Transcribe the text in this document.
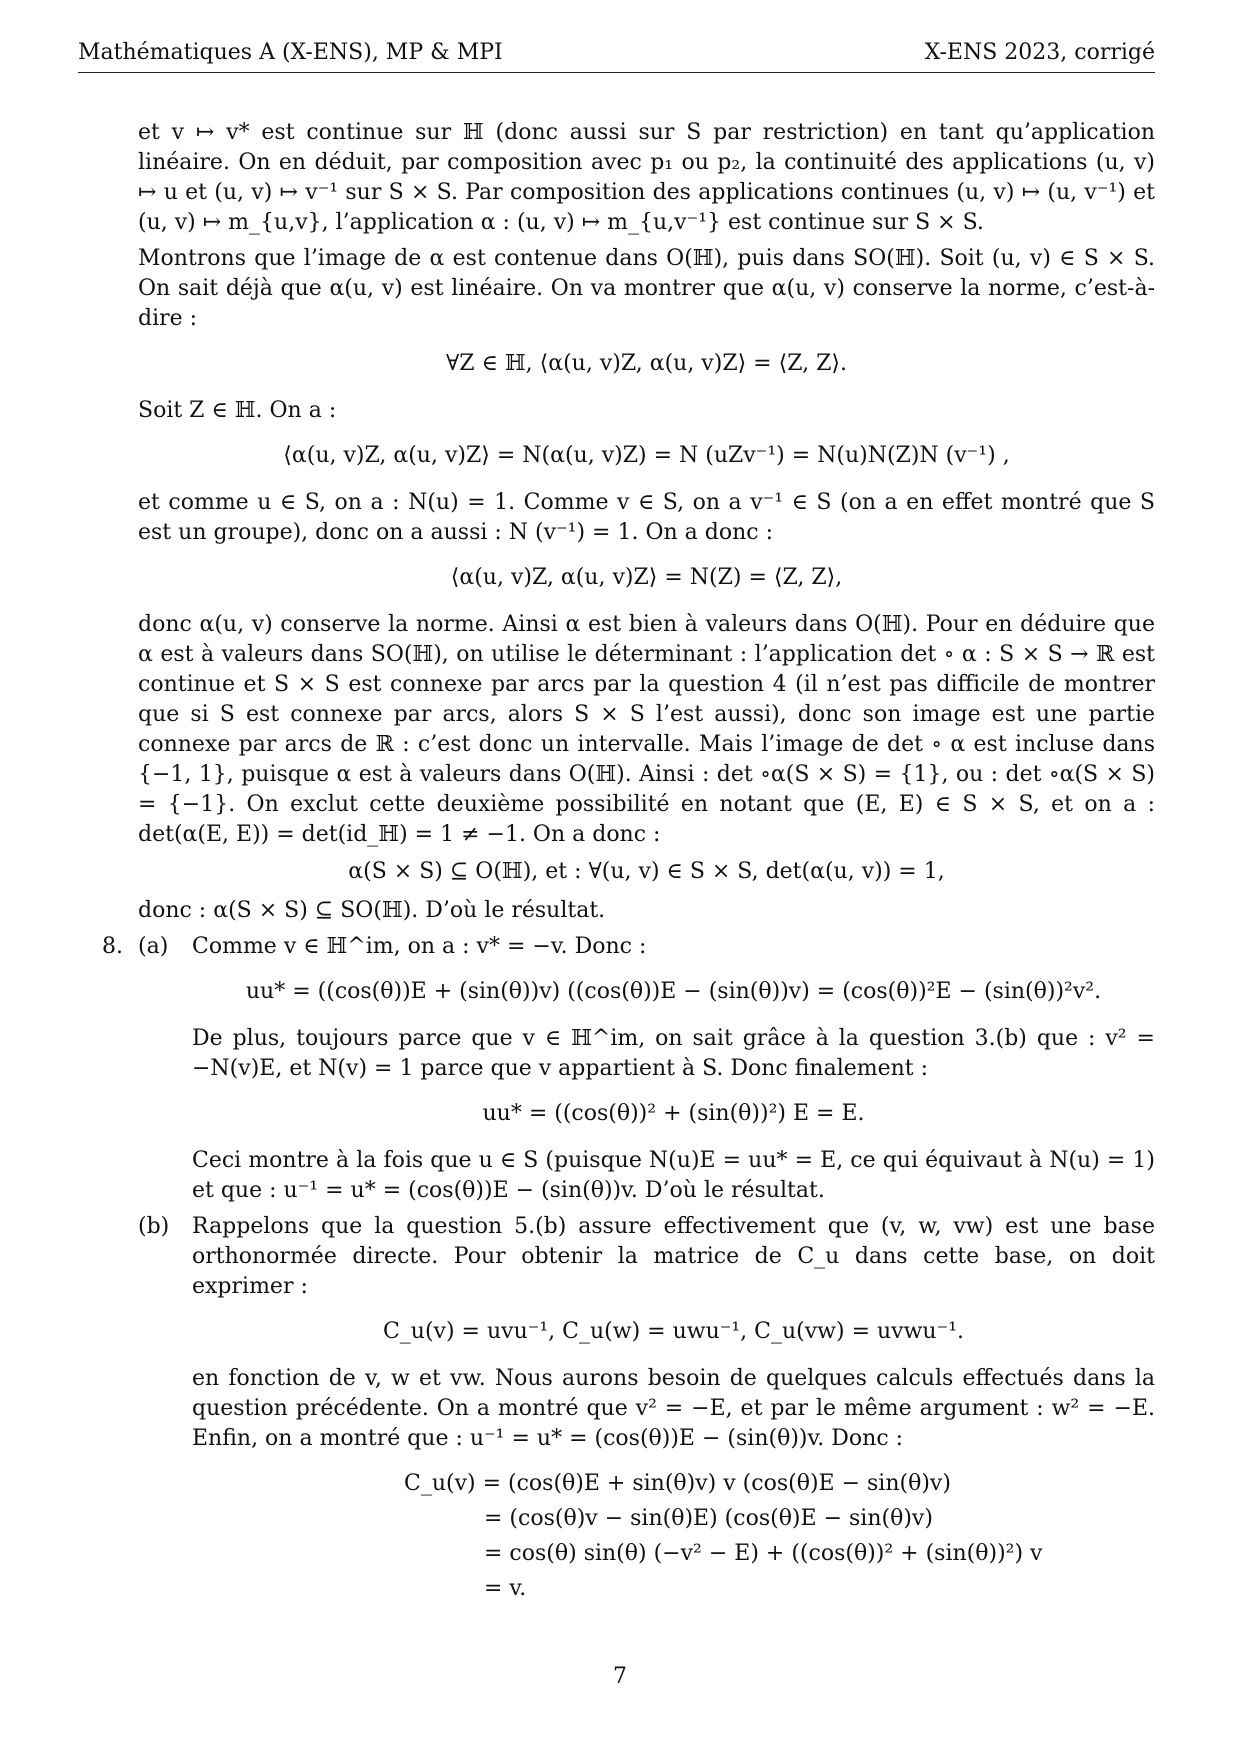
Mathématiques A (X-ENS), MP & MPI	X-ENS 2023, corrigé

et v ↦ v* est continue sur ℍ (donc aussi sur S par restriction) en tant qu’application linéaire. On en déduit, par composition avec p₁ ou p₂, la continuité des applications (u, v) ↦ u et (u, v) ↦ v⁻¹ sur S × S. Par composition des applications continues (u, v) ↦ (u, v⁻¹) et (u, v) ↦ m_{u,v}, l’application α : (u, v) ↦ m_{u,v⁻¹} est continue sur S × S.

Montrons que l’image de α est contenue dans O(ℍ), puis dans SO(ℍ). Soit (u, v) ∈ S × S. On sait déjà que α(u, v) est linéaire. On va montrer que α(u, v) conserve la norme, c’est-à-dire :

∀Z ∈ ℍ, ⟨α(u, v)Z, α(u, v)Z⟩ = ⟨Z, Z⟩.

Soit Z ∈ ℍ. On a :

⟨α(u, v)Z, α(u, v)Z⟩ = N(α(u, v)Z) = N (uZv⁻¹) = N(u)N(Z)N (v⁻¹) ,

et comme u ∈ S, on a : N(u) = 1. Comme v ∈ S, on a v⁻¹ ∈ S (on a en effet montré que S est un groupe), donc on a aussi : N (v⁻¹) = 1. On a donc :

⟨α(u, v)Z, α(u, v)Z⟩ = N(Z) = ⟨Z, Z⟩,

donc α(u, v) conserve la norme. Ainsi α est bien à valeurs dans O(ℍ). Pour en déduire que α est à valeurs dans SO(ℍ), on utilise le déterminant : l’application det ∘ α : S × S → ℝ est continue et S × S est connexe par arcs par la question 4 (il n’est pas difficile de montrer que si S est connexe par arcs, alors S × S l’est aussi), donc son image est une partie connexe par arcs de ℝ : c’est donc un intervalle. Mais l’image de det ∘ α est incluse dans {−1, 1}, puisque α est à valeurs dans O(ℍ). Ainsi : det ∘α(S × S) = {1}, ou : det ∘α(S × S) = {−1}. On exclut cette deuxième possibilité en notant que (E, E) ∈ S × S, et on a : det(α(E, E)) = det(id_ℍ) = 1 ≠ −1. On a donc :

α(S × S) ⊆ O(ℍ), et : ∀(u, v) ∈ S × S, det(α(u, v)) = 1,

donc : α(S × S) ⊆ SO(ℍ). D’où le résultat.

8. (a) Comme v ∈ ℍ^im, on a : v* = −v. Donc :

uu* = ((cos(θ))E + (sin(θ))v) ((cos(θ))E − (sin(θ))v) = (cos(θ))²E − (sin(θ))²v².

De plus, toujours parce que v ∈ ℍ^im, on sait grâce à la question 3.(b) que : v² = −N(v)E, et N(v) = 1 parce que v appartient à S. Donc finalement :

uu* = ((cos(θ))² + (sin(θ))²) E = E.

Ceci montre à la fois que u ∈ S (puisque N(u)E = uu* = E, ce qui équivaut à N(u) = 1) et que : u⁻¹ = u* = (cos(θ))E − (sin(θ))v. D’où le résultat.

(b) Rappelons que la question 5.(b) assure effectivement que (v, w, vw) est une base orthonormée directe. Pour obtenir la matrice de C_u dans cette base, on doit exprimer :

C_u(v) = uvu⁻¹, C_u(w) = uwu⁻¹, C_u(vw) = uvwu⁻¹.

en fonction de v, w et vw. Nous aurons besoin de quelques calculs effectués dans la question précédente. On a montré que v² = −E, et par le même argument : w² = −E. Enfin, on a montré que : u⁻¹ = u* = (cos(θ))E − (sin(θ))v. Donc :

C_u(v) = (cos(θ)E + sin(θ)v) v (cos(θ)E − sin(θ)v)
= (cos(θ)v − sin(θ)E) (cos(θ)E − sin(θ)v)
= cos(θ) sin(θ) (−v² − E) + ((cos(θ))² + (sin(θ))²) v
= v.
7
